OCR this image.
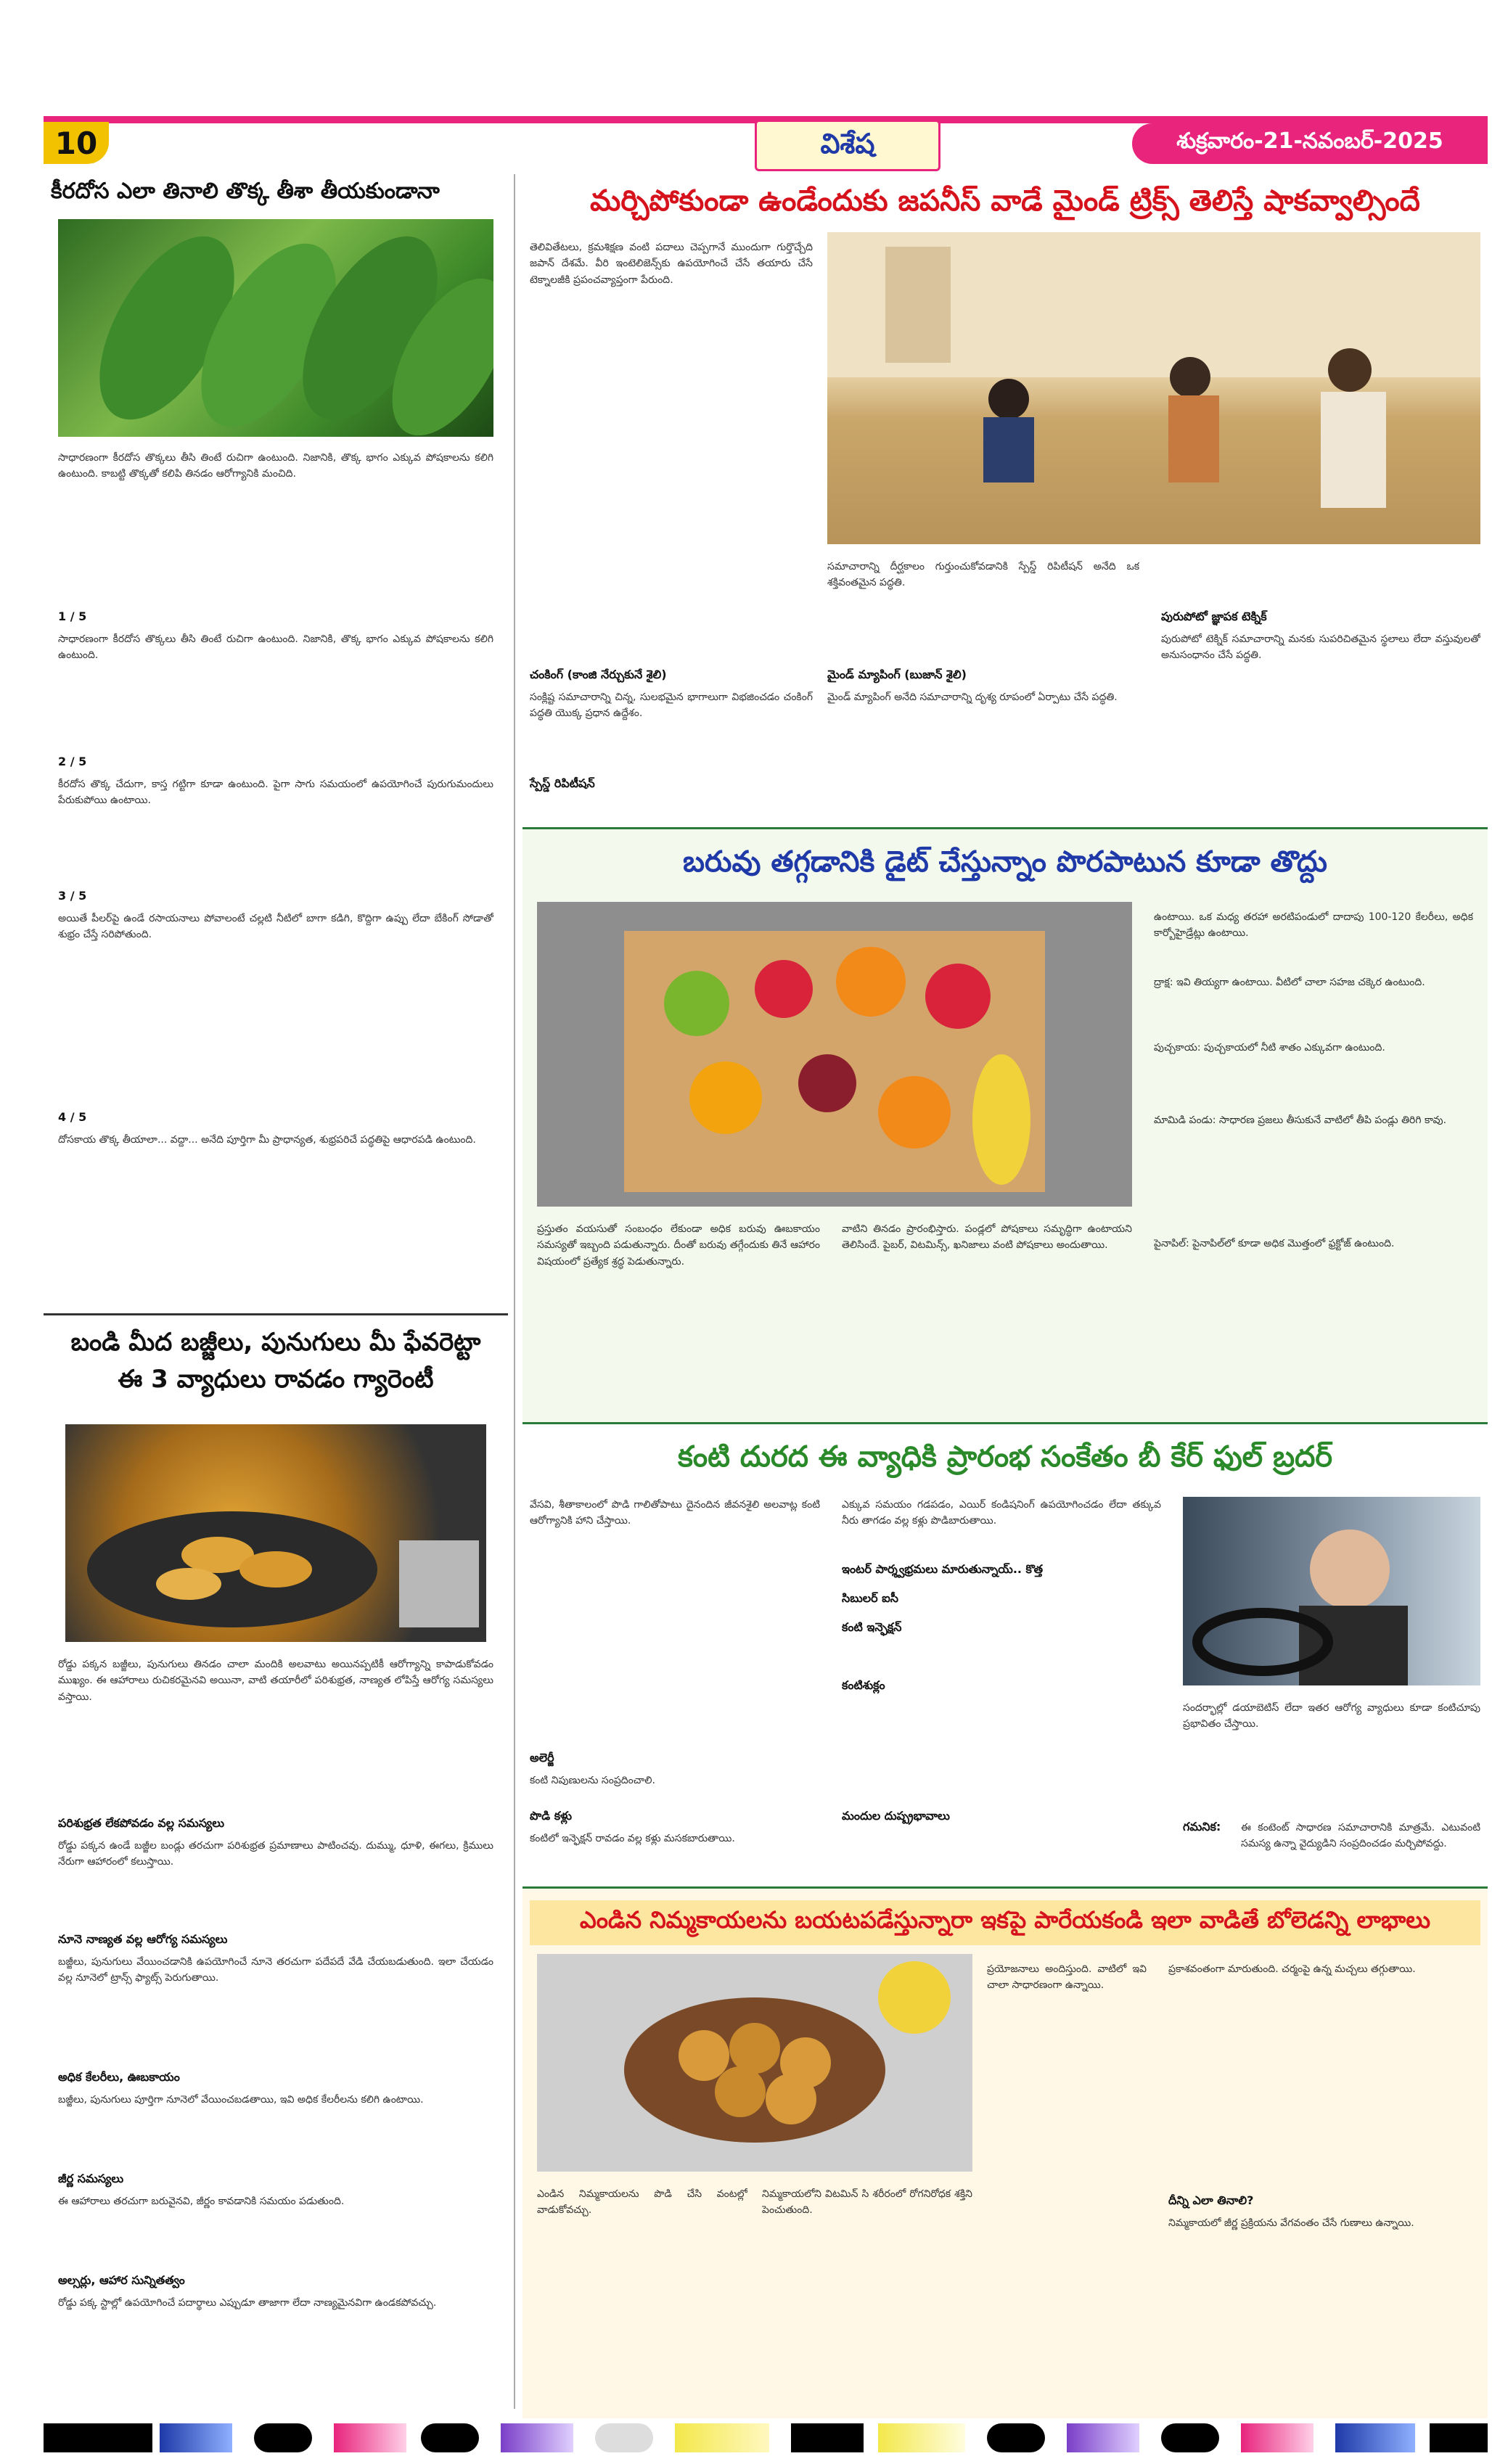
10	విశేష	శుక్రవారం-21-నవంబర్-2025
కీరదోస ఎలా తినాలి తొక్క తీశా తీయకుండానా
సాధారణంగా కీరదోస తొక్కలు తీసి తింటే రుచిగా ఉంటుంది. నిజానికి, తొక్క భాగం ఎక్కువ పోషకాలను కలిగి ఉంటుంది. కాబట్టి తొక్కతో కలిపి తినడం ఆరోగ్యానికి మంచిది.
1 / 5
సాధారణంగా కీరదోస తొక్కలు తీసి తింటే రుచిగా ఉంటుంది. నిజానికి, తొక్క భాగం ఎక్కువ పోషకాలను కలిగి ఉంటుంది.
2 / 5
కీరదోస తొక్క చేదుగా, కాస్త గట్టిగా కూడా ఉంటుంది. పైగా సాగు సమయంలో ఉపయోగించే పురుగుమందులు పేరుకుపోయి ఉంటాయి.
3 / 5
అయితే పీలర్‌పై ఉండే రసాయనాలు పోవాలంటే చల్లటి నీటిలో బాగా కడిగి, కొద్దిగా ఉప్పు లేదా బేకింగ్ సోడాతో శుభ్రం చేస్తే సరిపోతుంది.
4 / 5
దోసకాయ తొక్క తీయాలా... వద్దా... అనేది పూర్తిగా మీ ప్రాధాన్యత, శుభ్రపరిచే పద్ధతిపై ఆధారపడి ఉంటుంది.
బండి మీద బజ్జీలు, పునుగులు మీ ఫేవరెట్టా ఈ 3 వ్యాధులు రావడం గ్యారెంటీ
రోడ్డు పక్కన బజ్జీలు, పునుగులు తినడం చాలా మందికి అలవాటు అయినప్పటికీ ఆరోగ్యాన్ని కాపాడుకోవడం ముఖ్యం. ఈ ఆహారాలు రుచికరమైనవి అయినా, వాటి తయారీలో పరిశుభ్రత, నాణ్యత లోపిస్తే ఆరోగ్య సమస్యలు వస్తాయి.
పరిశుభ్రత లేకపోవడం వల్ల సమస్యలు
రోడ్డు పక్కన ఉండే బజ్జీల బండ్లు తరచుగా పరిశుభ్రత ప్రమాణాలు పాటించవు. దుమ్ము, ధూళి, ఈగలు, క్రిములు నేరుగా ఆహారంలో కలుస్తాయి.
నూనె నాణ్యత వల్ల ఆరోగ్య సమస్యలు
బజ్జీలు, పునుగులు వేయించడానికి ఉపయోగించే నూనె తరచుగా పదేపదే వేడి చేయబడుతుంది. ఇలా చేయడం వల్ల నూనెలో ట్రాన్స్ ఫ్యాట్స్ పెరుగుతాయి.
అధిక కేలరీలు, ఊబకాయం
బజ్జీలు, పునుగులు పూర్తిగా నూనెలో వేయించబడతాయి, ఇవి అధిక కేలరీలను కలిగి ఉంటాయి.
జీర్ణ సమస్యలు
ఈ ఆహారాలు తరచుగా బరువైనవి, జీర్ణం కావడానికి సమయం పడుతుంది.
అల్సర్లు, ఆహార సున్నితత్వం
రోడ్డు పక్క స్టాల్లో ఉపయోగించే పదార్థాలు ఎప్పుడూ తాజాగా లేదా నాణ్యమైనవిగా ఉండకపోవచ్చు.
మర్చిపోకుండా ఉండేందుకు జపనీస్ వాడే మైండ్ ట్రిక్స్ తెలిస్తే షాకవ్వాల్సిందే
తెలివితేటలు, క్రమశిక్షణ వంటి పదాలు చెప్పగానే ముందుగా గుర్తొచ్చేది జపాన్ దేశమే. వీరి ఇంటెలిజెన్స్‌కు ఉపయోగించే చేసే తయారు చేసే టెక్నాలజీకి ప్రపంచవ్యాప్తంగా పేరుంది.
చంకింగ్ (కాంజి నేర్చుకునే శైలి)
సంక్లిష్ట సమాచారాన్ని చిన్న, సులభమైన భాగాలుగా విభజించడం చంకింగ్ పద్ధతి యొక్క ప్రధాన ఉద్దేశం.
స్పేస్డ్ రిపిటీషన్
సమాచారాన్ని దీర్ఘకాలం గుర్తుంచుకోవడానికి స్పేస్డ్ రిపిటీషన్ అనేది ఒక శక్తివంతమైన పద్ధతి.
మైండ్ మ్యాపింగ్ (బుజాన్ శైలి)
మైండ్ మ్యాపింగ్ అనేది సమాచారాన్ని దృశ్య రూపంలో ఏర్పాటు చేసే పద్ధతి.
పురుపోటో జ్ఞాపక టెక్నిక్
పురుపోటో టెక్నిక్ సమాచారాన్ని మనకు సుపరిచితమైన స్థలాలు లేదా వస్తువులతో అనుసంధానం చేసే పద్ధతి.
బరువు తగ్గడానికి డైట్ చేస్తున్నాం పొరపాటున కూడా తొద్దు
ప్రస్తుతం వయసుతో సంబంధం లేకుండా అధిక బరువు ఊబకాయం సమస్యతో ఇబ్బంది పడుతున్నారు. దీంతో బరువు తగ్గేందుకు తినే ఆహారం విషయంలో ప్రత్యేక శ్రద్ధ పెడుతున్నారు.
వాటిని తినడం ప్రారంభిస్తారు. పండ్లలో పోషకాలు సమృద్ధిగా ఉంటాయని తెలిసిందే. పైబర్, విటమిన్స్, ఖనిజాలు వంటి పోషకాలు అందుతాయి.
ఉంటాయి. ఒక మధ్య తరహా అరటిపండులో దాదాపు 100-120 కేలరీలు, అధిక కార్బోహైడ్రేట్లు ఉంటాయి.
ద్రాక్ష: ఇవి తియ్యగా ఉంటాయి. వీటిలో చాలా సహజ చక్కెర ఉంటుంది.
పుచ్చకాయ: పుచ్చకాయలో నీటి శాతం ఎక్కువగా ఉంటుంది.
మామిడి పండు: సాధారణ ప్రజలు తీసుకునే వాటిలో తీపి పండ్లు తిరిగి కావు.
పైనాపిల్: పైనాపిల్‌లో కూడా అధిక మొత్తంలో ఫ్రక్టోజ్ ఉంటుంది.
కంటి దురద ఈ వ్యాధికి ప్రారంభ సంకేతం బీ కేర్ ఫుల్ బ్రదర్
వేసవి, శీతాకాలంలో పొడి గాలితోపాటు దైనందిన జీవనశైలి అలవాట్ల కంటి ఆరోగ్యానికి హాని చేస్తాయి.
అలెర్జీ
కంటి నిపుణులను సంప్రదించాలి.
పొడి కళ్లు
కంటిలో ఇన్ఫెక్షన్ రావడం వల్ల కళ్లు మసకబారుతాయి.
ఎక్కువ సమయం గడపడం, ఎయిర్ కండిషనింగ్ ఉపయోగించడం లేదా తక్కువ నీరు తాగడం వల్ల కళ్లు పొడిబారుతాయి.
ఇంటర్ పార్శ్వభ్రమలు మారుతున్నాయ్.. కొత్త
సిబులర్ ఐసీ
కంటి ఇన్ఫెక్షన్
కంటిశుక్లం
మందుల దుష్ప్రభావాలు
సందర్భాల్లో డయాబెటిస్ లేదా ఇతర ఆరోగ్య వ్యాధులు కూడా కంటిచూపు ప్రభావితం చేస్తాయి.
గమనిక: ఈ కంటెంట్ సాధారణ సమాచారానికి మాత్రమే. ఎటువంటి సమస్య ఉన్నా వైద్యుడిని సంప్రదించడం మర్చిపోవద్దు.
ఎండిన నిమ్మకాయలను బయటపడేస్తున్నారా ఇకపై పారేయకండి ఇలా వాడితే బోలెడన్ని లాభాలు
ప్రయోజనాలు అందిస్తుంది. వాటిలో ఇవి చాలా సాధారణంగా ఉన్నాయి.
ప్రకాశవంతంగా మారుతుంది. చర్మంపై ఉన్న మచ్చలు తగ్గుతాయి.
దీన్ని ఎలా తినాలి?
నిమ్మకాయలో జీర్ణ ప్రక్రియను వేగవంతం చేసే గుణాలు ఉన్నాయి.
ఎండిన నిమ్మకాయలను పొడి చేసి వంటల్లో వాడుకోవచ్చు.
నిమ్మకాయలోని విటమిన్ సి శరీరంలో రోగనిరోధక శక్తిని పెంచుతుంది.
